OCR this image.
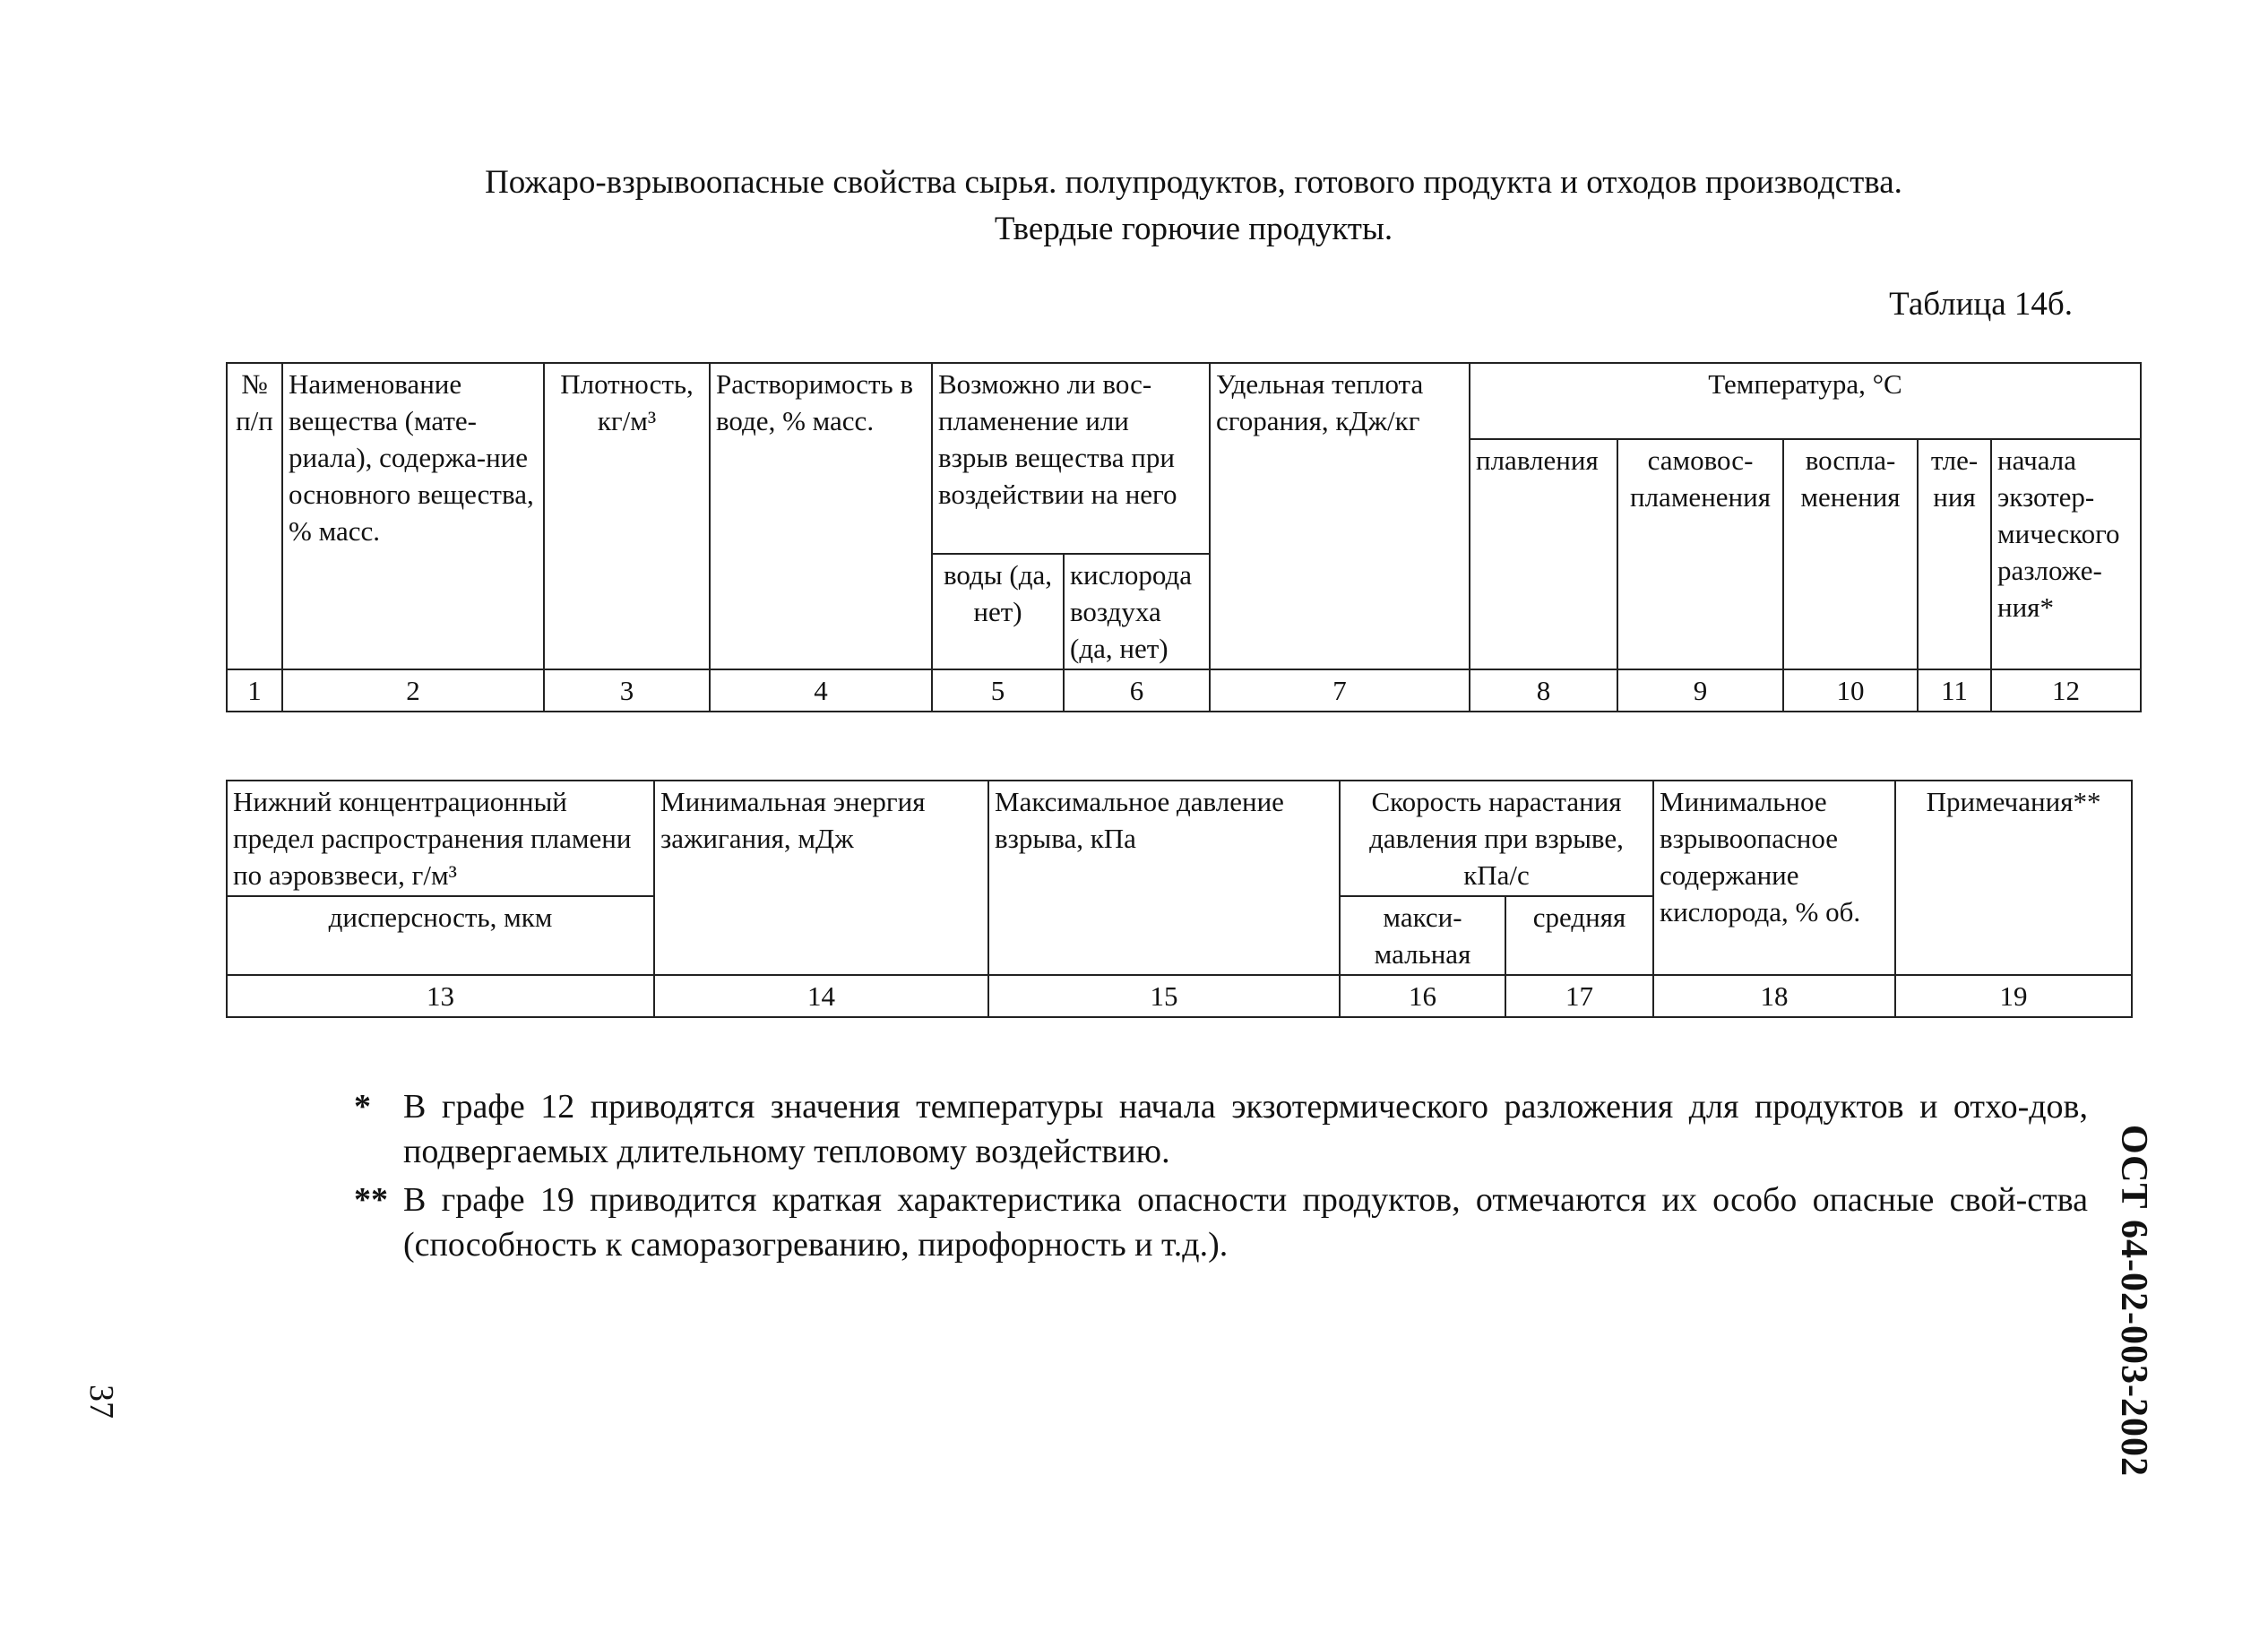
Пожаро-взрывоопасные свойства сырья. полупродуктов, готового продукта и отходов производства.
Твердые горючие продукты.
Таблица 14б.
№ п/п	Наименование вещества (мате-риала), содержа-ние основного вещества, % масс.	Плотность, кг/м³	Растворимость в воде, % масс.	Возможно ли вос-пламенение или взрыв вещества при воздействии на него		Удельная теплота сгорания, кДж/кг	Температура, °С				
							плавления	самовос-пламенения	воспла-менения	тле-ния	начала экзотер-мического разложе-ния*
				воды (да, нет)	кислорода воздуха (да, нет)						
1	2	3	4	5	6	7	8	9	10	11	12
Нижний концентрационный предел распространения пламени по аэровзвеси, г/м³	Минимальная энергия зажигания, мДж	Максимальное давление взрыва, кПа	Скорость нарастания давления при взрыве, кПа/с		Минимальное взрывоопасное содержание кислорода, % об.	Примечания**
дисперсность, мкм			макси-мальная	средняя		

13	14	15	16	17	18	19
* В графе 12 приводятся значения температуры начала экзотермического разложения для продуктов и отхо-дов, подвергаемых длительному тепловому воздействию.
** В графе 19 приводится краткая характеристика опасности продуктов, отмечаются их особо опасные свой-ства (способность к саморазогреванию, пирофорность и т.д.).
37	ОСТ 64-02-003-2002
